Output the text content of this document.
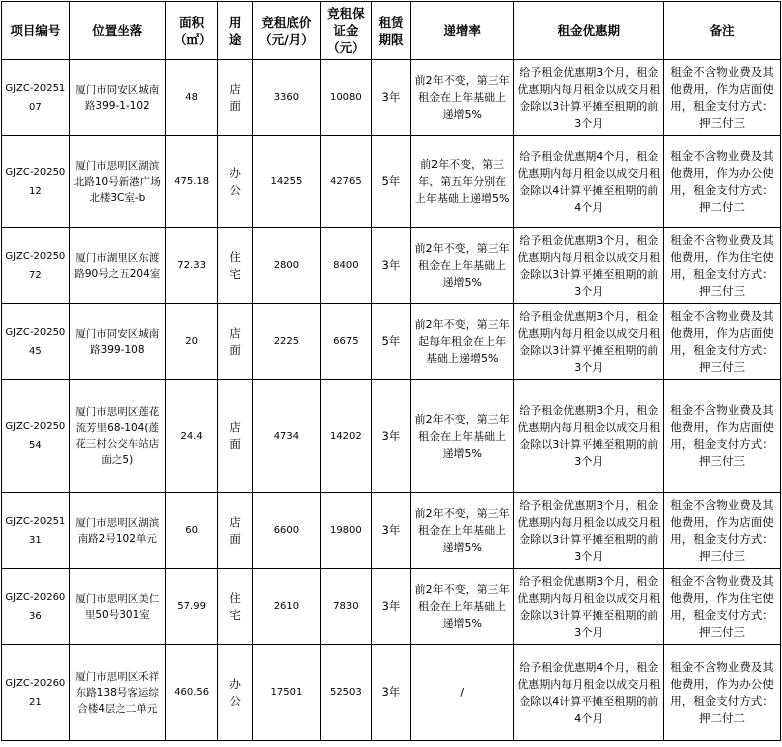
项目编号	位置坐落	面积（㎡）	用途	竞租底价（元/月）	竞租保证金（元）	租赁期限	递增率	租金优惠期	备注
GJZC-2025107	厦门市同安区城南路399-1-102	48	店面	3360	10080	3年	前2年不变，第三年租金在上年基础上递增5%	给予租金优惠期3个月，租金优惠期内每月租金以成交月租金除以3计算平摊至租期的前3个月	租金不含物业费及其他费用，作为店面使用，租金支付方式：押三付三
GJZC-2025012	厦门市思明区湖滨北路10号新港广场北楼3C室-b	475.18	办公	14255	42765	5年	前2年不变，第三年、第五年分别在上年基础上递增5%	给予租金优惠期4个月，租金优惠期内每月租金以成交月租金除以4计算平摊至租期的前4个月	租金不含物业费及其他费用，作为办公使用，租金支付方式：押二付二
GJZC-2025072	厦门市湖里区东渡路90号之五204室	72.33	住宅	2800	8400	3年	前2年不变，第三年租金在上年基础上递增5%	给予租金优惠期3个月，租金优惠期内每月租金以成交月租金除以3计算平摊至租期的前3个月	租金不含物业费及其他费用，作为住宅使用，租金支付方式：押三付三
GJZC-2025045	厦门市同安区城南路399-108	20	店面	2225	6675	5年	前2年不变，第三年起每年租金在上年基础上递增5%	给予租金优惠期3个月，租金优惠期内每月租金以成交月租金除以3计算平摊至租期的前3个月	租金不含物业费及其他费用，作为店面使用，租金支付方式：押三付三
GJZC-2025054	厦门市思明区莲花流芳里68-104(莲花三村公交车站店面之5)	24.4	店面	4734	14202	3年	前2年不变，第三年租金在上年基础上递增5%	给予租金优惠期3个月，租金优惠期内每月租金以成交月租金除以3计算平摊至租期的前3个月	租金不含物业费及其他费用，作为店面使用，租金支付方式：押三付三
GJZC-2025131	厦门市思明区湖滨南路2号102单元	60	店面	6600	19800	3年	前2年不变，第三年租金在上年基础上递增5%	给予租金优惠期3个月，租金优惠期内每月租金以成交月租金除以3计算平摊至租期的前3个月	租金不含物业费及其他费用，作为店面使用，租金支付方式：押三付三
GJZC-2026036	厦门市思明区美仁里50号301室	57.99	住宅	2610	7830	3年	前2年不变，第三年租金在上年基础上递增5%	给予租金优惠期3个月，租金优惠期内每月租金以成交月租金除以3计算平摊至租期的前3个月	租金不含物业费及其他费用，作为住宅使用，租金支付方式：押三付三
GJZC-2026021	厦门市思明区禾祥东路138号客运综合楼4层之二单元	460.56	办公	17501	52503	3年	/	给予租金优惠期4个月，租金优惠期内每月租金以成交月租金除以4计算平摊至租期的前4个月	租金不含物业费及其他费用，作为办公使用，租金支付方式：押二付二
